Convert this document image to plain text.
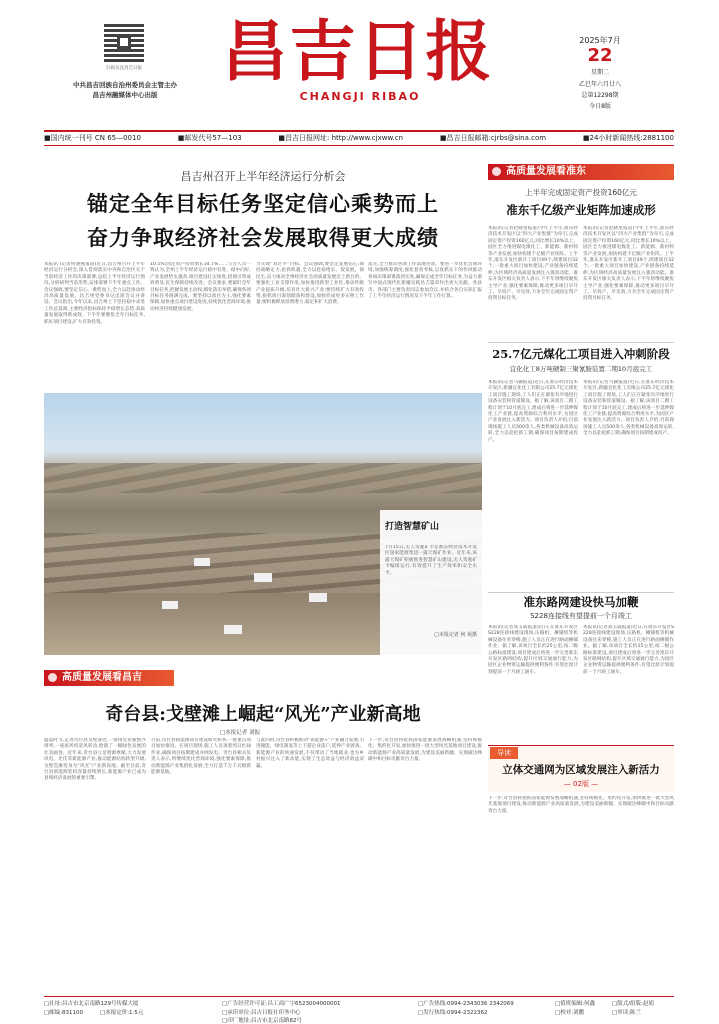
扫码关注昌吉日报
中共昌吉回族自治州委员会主管主办
昌吉州融媒体中心出版
昌吉日报
CHANGJI RIBAO
2025年7月
22
星期二
乙巳年六月廿八
总第12298期
今日8版
■国内统一刊号 CN 65—0010	■邮发代号57—103	■昌吉日报网址: http://www.cjxww.cn	■昌吉日报邮箱:cjrbs@sina.com	■24小时新闻热线:2881100
昌吉州召开上半年经济运行分析会
锚定全年目标任务坚定信心乘势而上
奋力争取经济社会发展取得更大成绩
本报讯 (记者何晓燕报道)近日,昌吉州召开上半年经济运行分析会,深入贯彻落实中央和自治区关于当前经济工作的决策部署,总结上半年经济运行情况,分析研判当前形势,安排部署下半年重点工作。会议强调,要坚定信心、乘势而上,全力以赴推动经济高质量发展。昌吉州党委书记出席会议并讲话。会议指出,今年以来,昌吉州上下坚持稳中求进工作总基调,主要经济指标保持平稳增长态势,高质量发展取得新成效。下半年要聚焦全年目标任务,抓好项目建设,扩大有效投资。
10.5%;固定资产投资增长34.7%……与会人员一致认为,全州上半年经济运行稳中有进、稳中向好,产业发展势头强劲,项目建设扎实推进,招商引资成效明显,民生保障持续改善。会议要求,要紧盯全年目标任务,把握发展主动权,细化落实举措,确保各项目标任务圆满完成。要坚持以项目为王,强化要素保障,加快重点项目建设进度,持续优化营商环境,推动经济持续健康发展。
力实现“双过半”目标。会议强调,要坚定发展信心,保持战略定力,抢抓机遇,全力以赴稳增长、促发展、保民生,奋力推动全州经济社会高质量发展迈上新台阶。要强化工业支撑作用,加快推进新型工业化,推动传统产业提质升级,培育壮大新兴产业;要持续扩大有效投资,狠抓项目谋划储备和建设,加快形成更多实物工作量;要积极释放消费潜力,稳定和扩大消费。
落实,全力推动各项工作落地见效。要进一步优化营商环境,加强统筹调度,强化督查考核,以真抓实干的作风推动各项决策部署落到实处,确保完成全年目标任务,为奋力谱写中国式现代化新疆实践昌吉篇章作出更大贡献。各县市、各部门主要负责同志参加会议,并结合各自实际汇报了上半年经济运行情况及下半年工作打算。
打造智慧矿山
7月15日,无人驾驶矿卡在准东经济技术开发区国家能源集团一露天煤矿作业。近年来,该露天煤矿积极推进智慧矿山建设,无人驾驶矿卡编组运行,有效提升了生产效率和安全水平。
□本报记者 何 苑摄
高质量发展看准东
上半年完成固定资产投资160亿元
准东千亿级产业矩阵加速成形
本报讯(记者赵晓星报道)今年上半年,准东经济技术开发区以“四大产业集群”为牵引,完成固定资产投资160亿元,同比增长10%以上。园区全力推进煤电煤化工、新能源、新材料等产业发展,加快构建千亿级产业矩阵。上半年,准东开发区新开工项目49个,续建项目32个,一批重大项目加快建设,产业链条持续延伸,为区域经济高质量发展注入强劲动能。准东开发区相关负责人表示,下半年将继续聚焦主导产业,强化要素保障,推动更多项目早开工、早投产、早见效,力争全年完成固定资产投资目标任务。
本报讯(记者赵晓星报道)今年上半年,准东经济技术开发区以“四大产业集群”为牵引,完成固定资产投资160亿元,同比增长10%以上。园区全力推进煤电煤化工、新能源、新材料等产业发展,加快构建千亿级产业矩阵。上半年,准东开发区新开工项目49个,续建项目32个,一批重大项目加快建设,产业链条持续延伸,为区域经济高质量发展注入强劲动能。准东开发区相关负责人表示,下半年将继续聚焦主导产业,强化要素保障,推动更多项目早开工、早投产、早见效,力争全年完成固定资产投资目标任务。
25.7亿元煤化工项目进入冲刺阶段
宜化化工8万吨硬制三聚氰胺装置二期10月底完工
本报讯(记者马骥报道)近日,在准东经济技术开发区,新疆宜化化工有限公司25.7亿元煤化工项目施工现场,工人们正在紧张有序地进行设备安装和管道铺设。据了解,该项目二期工程计划于10月底完工,建成后将进一步延伸煤化工产业链,提高资源综合利用水平,为园区产业发展注入新活力。项目负责人介绍,目前现场施工人员500余人,各类机械设备高效运转,全力以赴抢抓工期,确保项目按期建成投产。
本报讯(记者马骥报道)近日,在准东经济技术开发区,新疆宜化化工有限公司25.7亿元煤化工项目施工现场,工人们正在紧张有序地进行设备安装和管道铺设。据了解,该项目二期工程计划于10月底完工,建成后将进一步延伸煤化工产业链,提高资源综合利用水平,为园区产业发展注入新活力。项目负责人介绍,目前现场施工人员500余人,各类机械设备高效运转,全力以赴抢抓工期,确保项目按期建成投产。
准东路网建设快马加鞭
S228连接线有望提前一个月竣工
本报讯(记者高玉霞报道)近日,在准东开发区S228连接线建设现场,压路机、摊铺机等机械设备往来穿梭,施工人员正在进行路面摊铺作业。据了解,该项目全长约25公里,按二级公路标准建设,项目建成后将进一步完善准东开发区路网结构,提升区域交通通行能力,为园区企业物资运输提供便利条件,有望比原计划提前一个月竣工通车。
本报讯(记者高玉霞报道)近日,在准东开发区S228连接线建设现场,压路机、摊铺机等机械设备往来穿梭,施工人员正在进行路面摊铺作业。据了解,该项目全长约25公里,按二级公路标准建设,项目建成后将进一步完善准东开发区路网结构,提升区域交通通行能力,为园区企业物资运输提供便利条件,有望比原计划提前一个月竣工通车。
导读
立体交通网为区域发展注入新活力
— 02版 —
高质量发展看昌吉
奇台县:戈壁滩上崛起“风光”产业新高地
□本报记者 刘振
盛夏时节,走进奇台县戈壁深处,一排排光伏板整齐排列,一座座风机迎风转动,绘就了一幅绿色发展的壮美画卷。近年来,奇台县立足资源禀赋,大力发展风电、光伏等新能源产业,推动能源结构转型升级,戈壁荒滩变身为“风光”产业新高地。截至目前,奇台县新能源装机容量持续增长,新能源产业已成为县域经济发展的重要引擎。
目前,奇台县新能源项目建设如火如荼,一批重点项目加快推进。在项目现场,施工人员顶着烈日忙碌作业,确保项目按期建成并网发电。奇台县相关负责人表示,将继续优化营商环境,强化要素保障,推动新能源产业集群化发展,全力打造千万千瓦级新能源基地。
与此同时,奇台县积极推动“新能源+”产业融合发展,引进储能、绿电制氢等上下游企业落户,延伸产业链条。新能源产业的快速发展,不仅带动了当地就业,也为乡村振兴注入了新动能,实现了生态效益与经济效益双赢。
下一步,奇台县将抢抓国家能源发展战略机遇,坚持规模化、集约化开发,加快推进一批大型风光基地项目建设,推动新能源产业高质量发展,为建设美丽新疆、实现碳达峰碳中和目标贡献奇台力量。
下一步,奇台县将抢抓国家能源发展战略机遇,坚持规模化、集约化开发,加快推进一批大型风光基地项目建设,推动新能源产业高质量发展,为建设美丽新疆、实现碳达峰碳中和目标贡献奇台力量。
□社址:昌吉市北京南路129号传媒大厦
□邮编:831100	□本报定价:1.5元
□广告经营许可证:昌工商广字6523004000001
□承印单位:昌吉日报社印务中心
□印厂地址:昌吉市北京南路82号
□广告热线:0994-2343036 2342069
□发行热线:0994-2322362
□值班编辑:何鑫	□版式/组版:赵娟
□校对:刘鹏	□审读:陈兰
